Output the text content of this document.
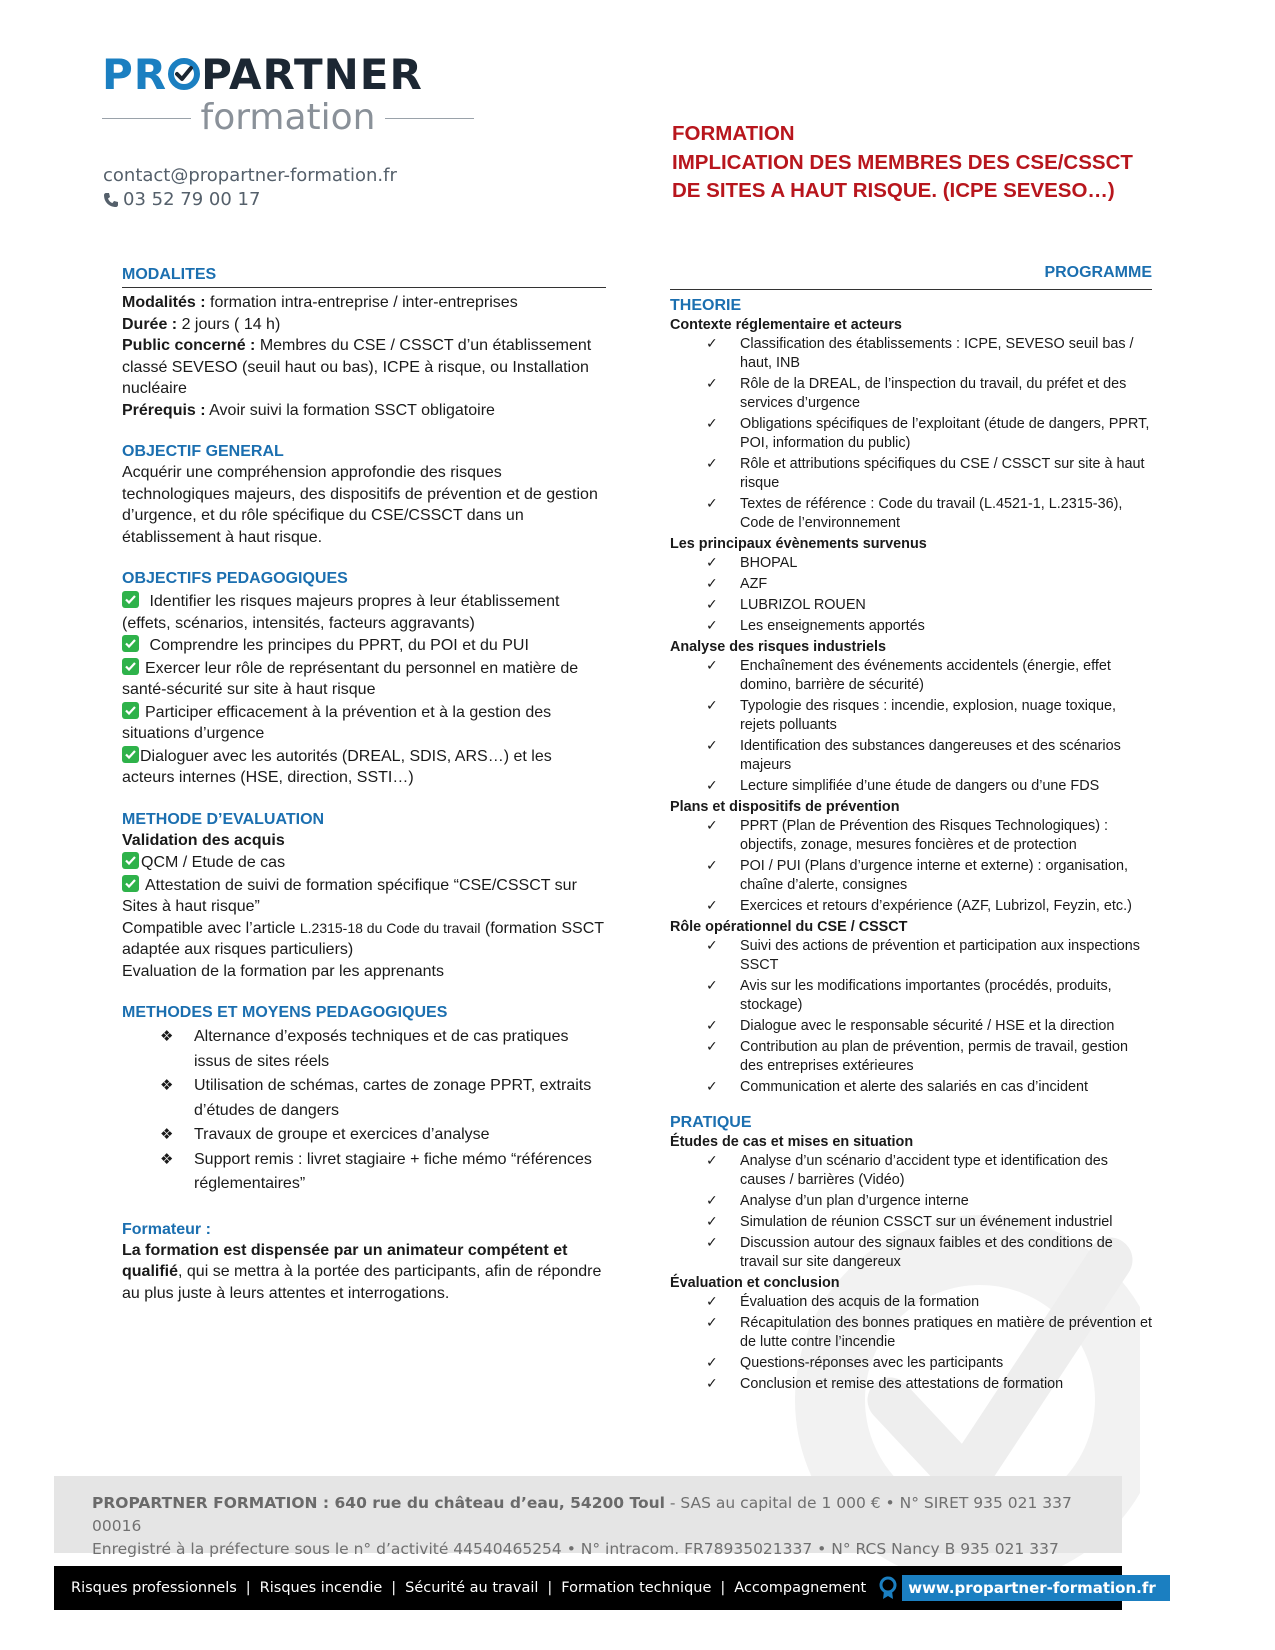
PR PARTNER
formation
contact@propartner-formation.fr
03 52 79 00 17
FORMATION
IMPLICATION DES MEMBRES DES CSE/CSSCT DE SITES A HAUT RISQUE. (ICPE SEVESO…)
MODALITES
Modalités : formation intra-entreprise / inter-entreprises
Durée : 2 jours ( 14 h)
Public concerné : Membres du CSE / CSSCT d’un établissement classé SEVESO (seuil haut ou bas), ICPE à risque, ou Installation nucléaire
Prérequis : Avoir suivi la formation SSCT obligatoire
OBJECTIF GENERAL
Acquérir une compréhension approfondie des risques technologiques majeurs, des dispositifs de prévention et de gestion d’urgence, et du rôle spécifique du CSE/CSSCT dans un établissement à haut risque.
OBJECTIFS PEDAGOGIQUES
Identifier les risques majeurs propres à leur établissement (effets, scénarios, intensités, facteurs aggravants)
Comprendre les principes du PPRT, du POI et du PUI
Exercer leur rôle de représentant du personnel en matière de santé-sécurité sur site à haut risque
Participer efficacement à la prévention et à la gestion des situations d’urgence
Dialoguer avec les autorités (DREAL, SDIS, ARS…) et les acteurs internes (HSE, direction, SSTI…)
METHODE D’EVALUATION
Validation des acquis
QCM / Etude de cas
Attestation de suivi de formation spécifique “CSE/CSSCT sur Sites à haut risque”
Compatible avec l’article L.2315-18 du Code du travail (formation SSCT adaptée aux risques particuliers)
Evaluation de la formation par les apprenants
METHODES ET MOYENS PEDAGOGIQUES
❖ Alternance d’exposés techniques et de cas pratiques issus de sites réels
❖ Utilisation de schémas, cartes de zonage PPRT, extraits d’études de dangers
❖ Travaux de groupe et exercices d’analyse
❖ Support remis : livret stagiaire + fiche mémo “références réglementaires”
Formateur :
La formation est dispensée par un animateur compétent et qualifié, qui se mettra à la portée des participants, afin de répondre au plus juste à leurs attentes et interrogations.
PROGRAMME
THEORIE
Contexte réglementaire et acteurs
✓ Classification des établissements : ICPE, SEVESO seuil bas / haut, INB
✓ Rôle de la DREAL, de l’inspection du travail, du préfet et des services d’urgence
✓ Obligations spécifiques de l’exploitant (étude de dangers, PPRT, POI, information du public)
✓ Rôle et attributions spécifiques du CSE / CSSCT sur site à haut risque
✓ Textes de référence : Code du travail (L.4521-1, L.2315-36), Code de l’environnement
Les principaux évènements survenus
✓ BHOPAL
✓ AZF
✓ LUBRIZOL ROUEN
✓ Les enseignements apportés
Analyse des risques industriels
✓ Enchaînement des événements accidentels (énergie, effet domino, barrière de sécurité)
✓ Typologie des risques : incendie, explosion, nuage toxique, rejets polluants
✓ Identification des substances dangereuses et des scénarios majeurs
✓ Lecture simplifiée d’une étude de dangers ou d’une FDS
Plans et dispositifs de prévention
✓ PPRT (Plan de Prévention des Risques Technologiques) : objectifs, zonage, mesures foncières et de protection
✓ POI / PUI (Plans d’urgence interne et externe) : organisation, chaîne d’alerte, consignes
✓ Exercices et retours d’expérience (AZF, Lubrizol, Feyzin, etc.)
Rôle opérationnel du CSE / CSSCT
✓ Suivi des actions de prévention et participation aux inspections SSCT
✓ Avis sur les modifications importantes (procédés, produits, stockage)
✓ Dialogue avec le responsable sécurité / HSE et la direction
✓ Contribution au plan de prévention, permis de travail, gestion des entreprises extérieures
✓ Communication et alerte des salariés en cas d’incident
PRATIQUE
Études de cas et mises en situation
✓ Analyse d’un scénario d’accident type et identification des causes / barrières (Vidéo)
✓ Analyse d’un plan d’urgence interne
✓ Simulation de réunion CSSCT sur un événement industriel
✓ Discussion autour des signaux faibles et des conditions de travail sur site dangereux
Évaluation et conclusion
✓ Évaluation des acquis de la formation
✓ Récapitulation des bonnes pratiques en matière de prévention et de lutte contre l’incendie
✓ Questions-réponses avec les participants
✓ Conclusion et remise des attestations de formation
PROPARTNER FORMATION : 640 rue du château d’eau, 54200 Toul - SAS au capital de 1 000 € • N° SIRET 935 021 337 00016
Enregistré à la préfecture sous le n° d’activité 44540465254 • N° intracom. FR78935021337 • N° RCS Nancy B 935 021 337
Risques professionnels | Risques incendie | Sécurité au travail | Formation technique | Accompagnement	www.propartner-formation.fr
